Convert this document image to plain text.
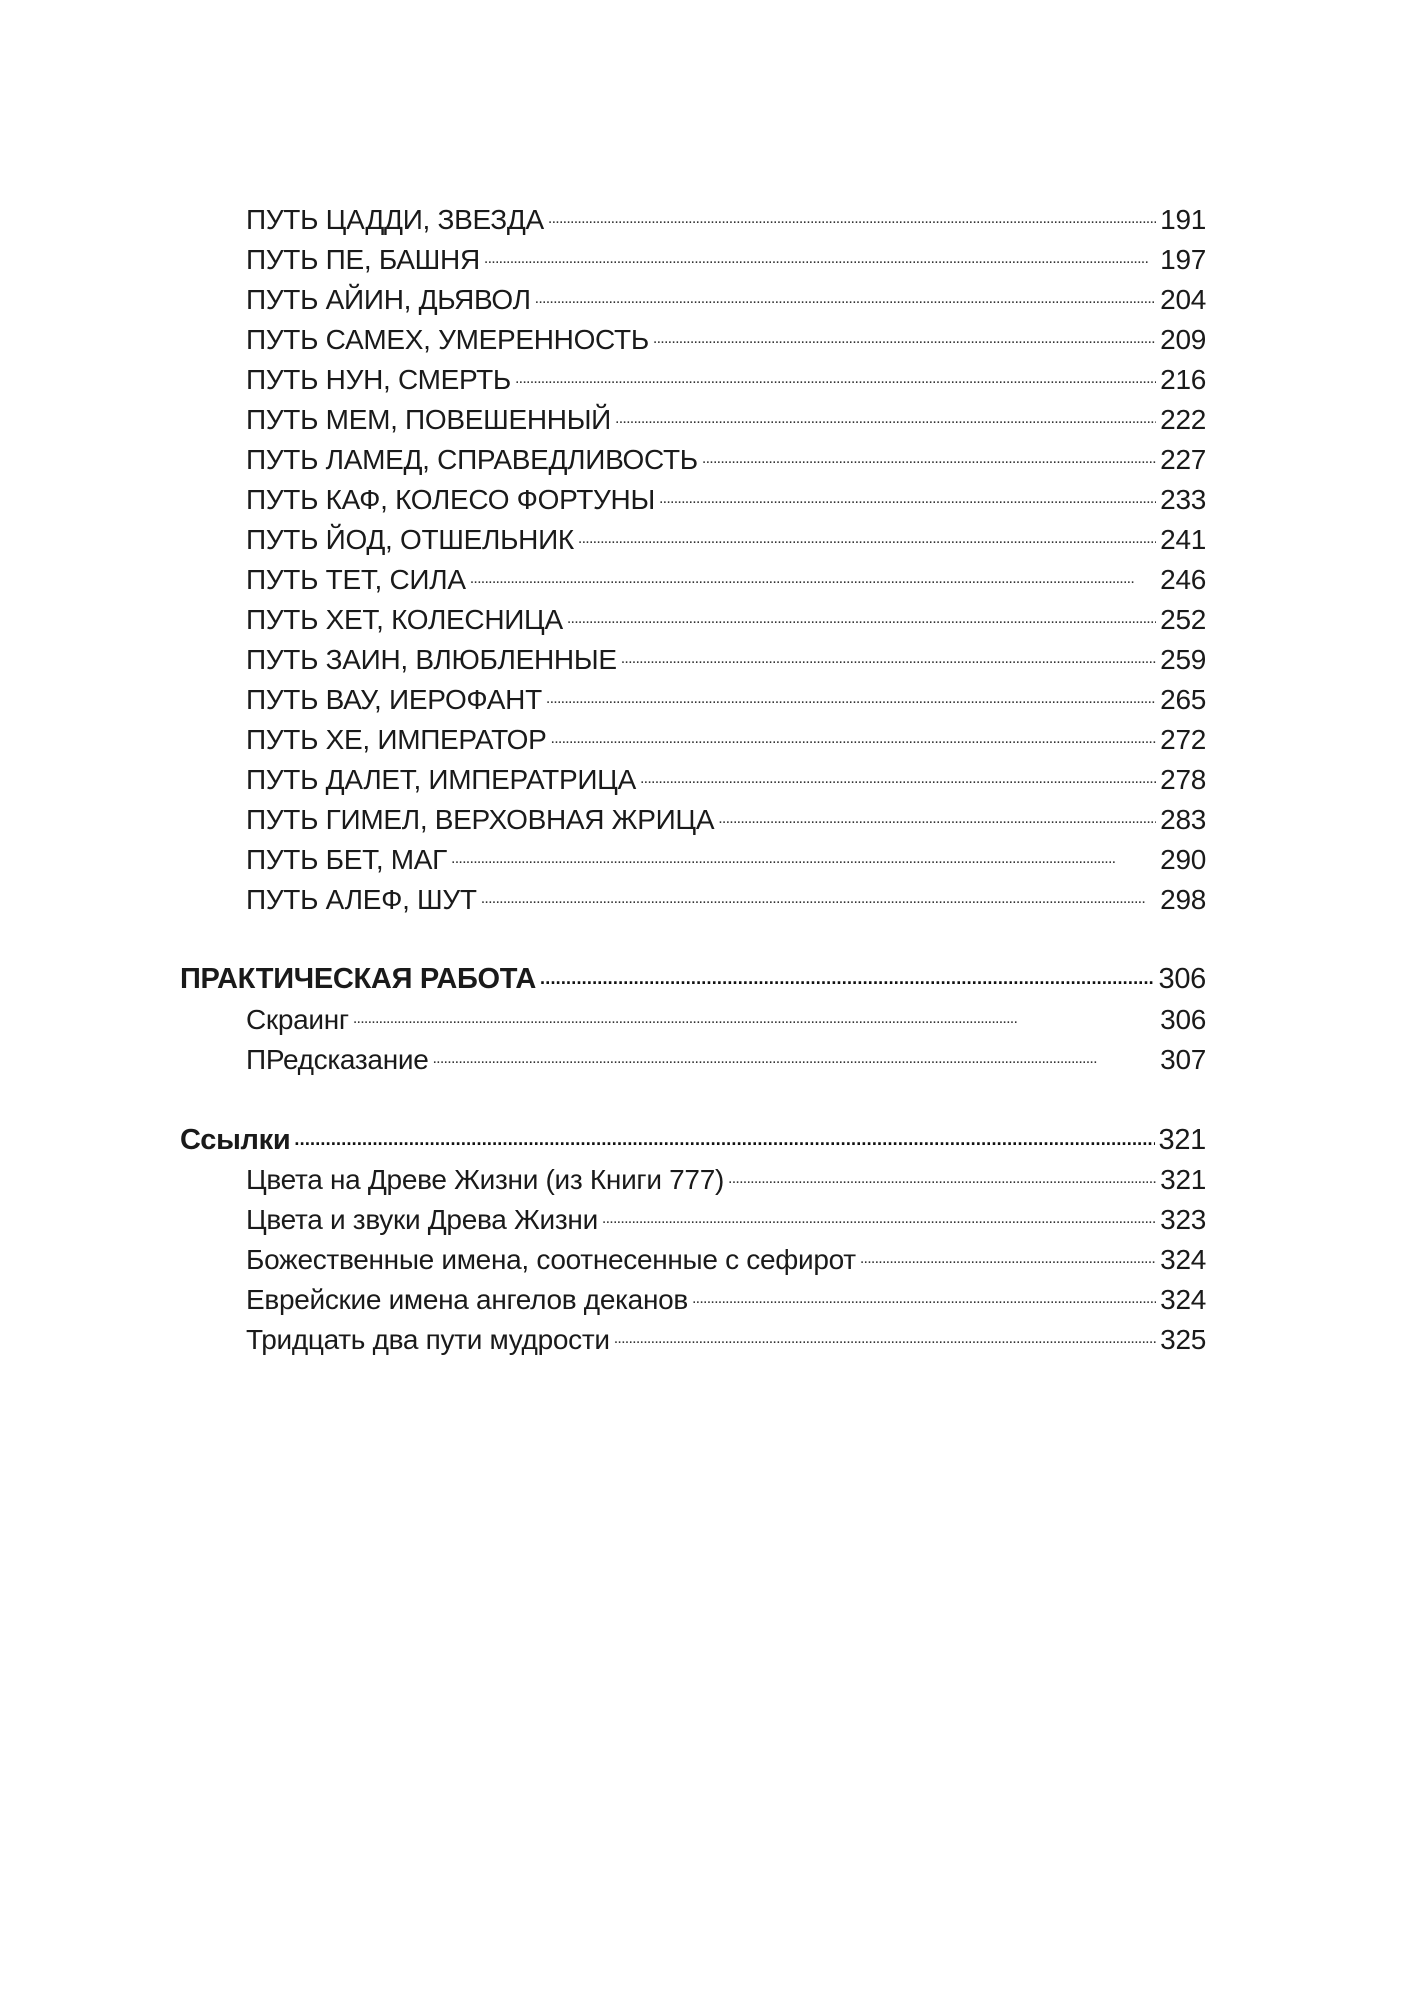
ПУТЬ ЦАДДИ, ЗВЕЗДА . . .	191
ПУТЬ ПЕ, БАШНЯ . . .	197
ПУТЬ АЙИН, ДЬЯВОЛ . . .	204
ПУТЬ САМЕХ, УМЕРЕННОСТЬ . . .	209
ПУТЬ НУН, СМЕРТЬ . . .	216
ПУТЬ МЕМ, ПОВЕШЕННЫЙ . . .	222
ПУТЬ ЛАМЕД, СПРАВЕДЛИВОСТЬ . . .	227
ПУТЬ КАФ, КОЛЕСО ФОРТУНЫ . . .	233
ПУТЬ ЙОД, ОТШЕЛЬНИК . . .	241
ПУТЬ ТЕТ, СИЛА . . .	246
ПУТЬ ХЕТ, КОЛЕСНИЦА . . .	252
ПУТЬ ЗАИН, ВЛЮБЛЕННЫЕ . . .	259
ПУТЬ ВАУ, ИЕРОФАНТ . . .	265
ПУТЬ ХЕ, ИМПЕРАТОР . . .	272
ПУТЬ ДАЛЕТ, ИМПЕРАТРИЦА . . .	278
ПУТЬ ГИМЕЛ, ВЕРХОВНАЯ ЖРИЦА . . .	283
ПУТЬ БЕТ, МАГ . . .	290
ПУТЬ АЛЕФ, ШУТ . . .	298
ПРАКТИЧЕСКАЯ РАБОТА . . .	306
Скраинг . . .	306
ПРедсказание . . .	307
Ссылки . . .	321
Цвета на Древе Жизни (из Книги 777) . . .	321
Цвета и звуки Древа Жизни . . .	323
Божественные имена, соотнесенные с сефирот . . .	324
Еврейские имена ангелов деканов . . .	324
Тридцать два пути мудрости . . .	325
